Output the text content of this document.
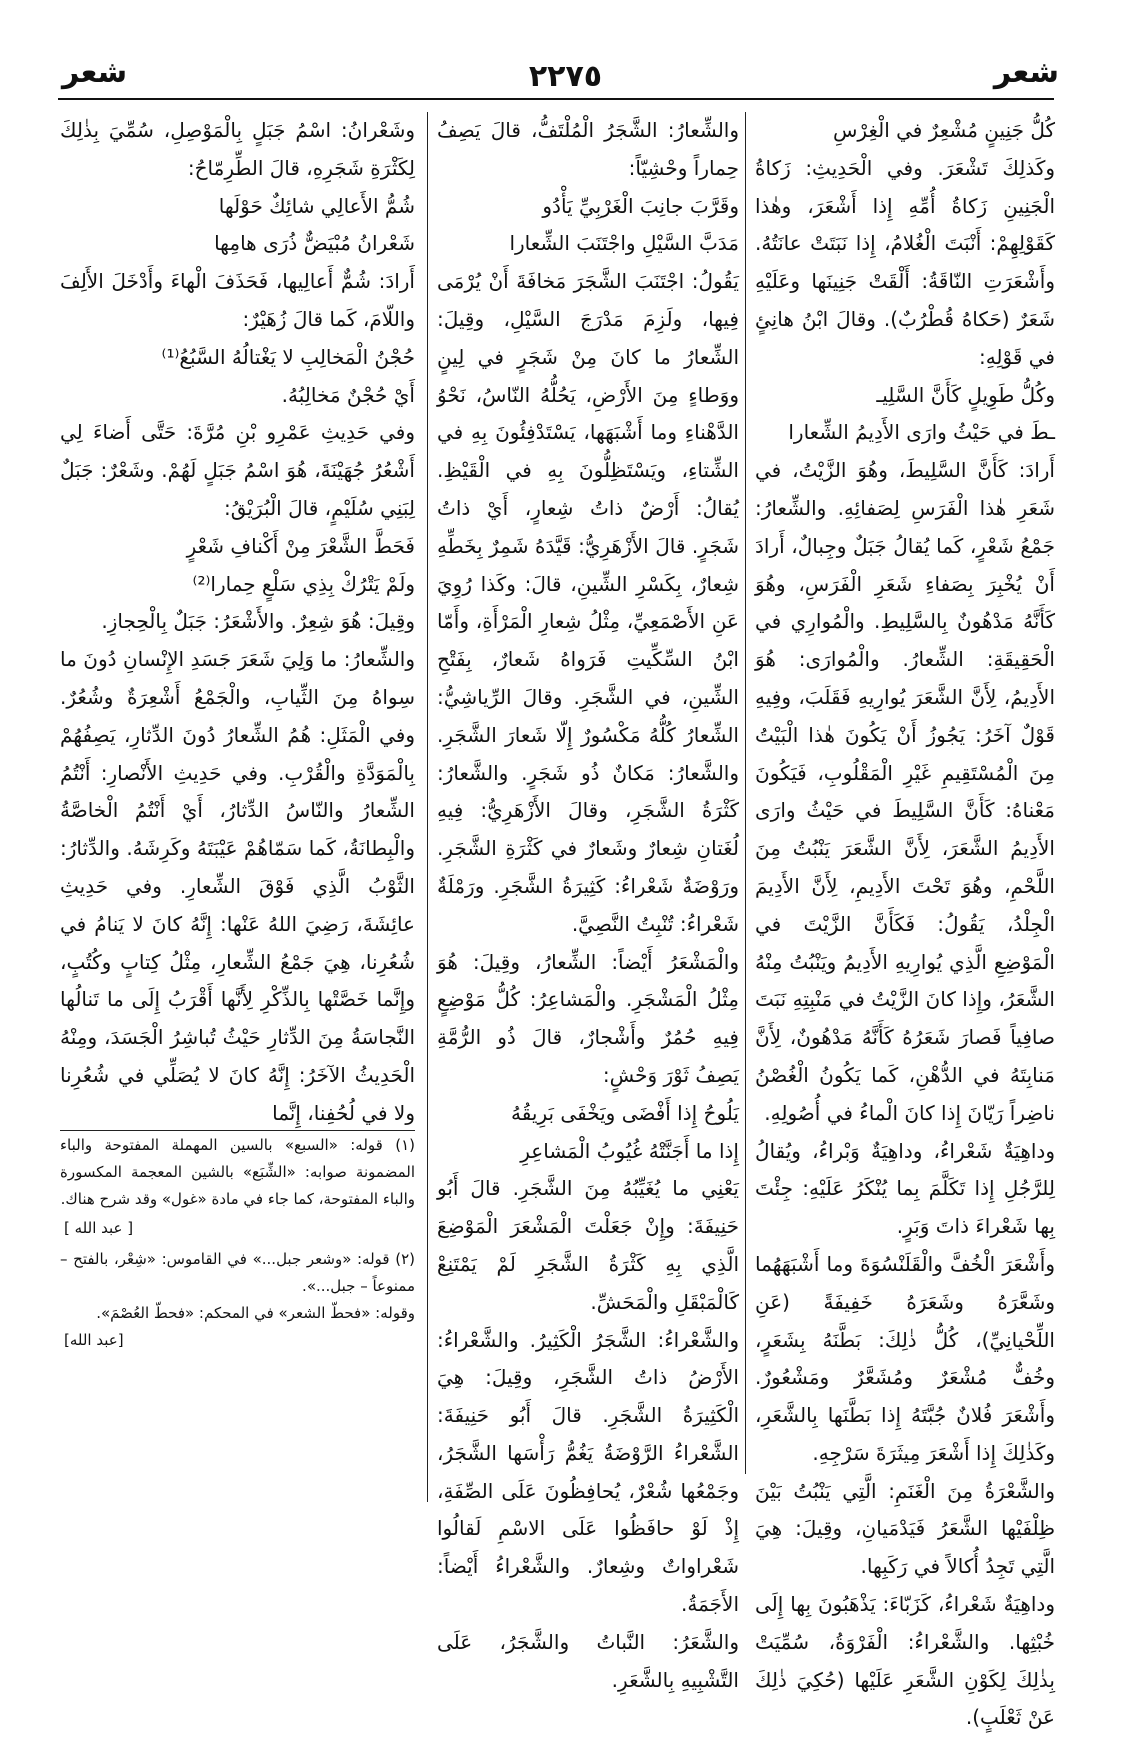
شعر
٢٢٧٥
شعر

كُلُّ جَنِينٍ مُشْعِرٌ في الْغِرْسِ

وكَذلِكَ تَشْعَرَ. وفي الْحَدِيثِ: زَكاةُ الْجَنِينِ زَكاةُ أُمِّهِ إِذا أَشْعَرَ، وهٰذا كَقَوْلِهِمْ: أَنْبَتَ الْغُلامُ، إِذا نَبَتَتْ عانَتُهُ. وأَشْعَرَتِ النّاقَةُ: أَلْقَتْ جَنِينَها وعَلَيْهِ شَعَرٌ (حَكاهُ قُطْرُبٌ). وقالَ ابْنُ هانِئٍ في قَوْلِهِ:

وكُلُّ طَوِيلٍ كَأَنَّ السَّلِيـ

ـطَ في حَيْثُ وارَى الأَدِيمُ الشِّعارا

أَرادَ: كَأَنَّ السَّلِيطَ، وهُوَ الزَّيْتُ، في شَعَرِ هٰذا الْفَرَسِ لِصَفائِهِ. والشِّعارُ: جَمْعُ شَعْرٍ، كَما يُقالُ جَبَلٌ وجِبالٌ، أَرادَ أَنْ يُخْبِرَ بِصَفاءِ شَعَرِ الْفَرَسِ، وهُوَ كَأَنَّهُ مَدْهُونٌ بِالسَّلِيطِ. والْمُوارِي في الْحَقِيقَةِ: الشِّعارُ. والْمُوارَى: هُوَ الأَدِيمُ، لِأَنَّ الشَّعَرَ يُوارِيهِ فَقَلَبَ، وفِيهِ قَوْلٌ آخَرُ: يَجُوزُ أَنْ يَكُونَ هٰذا الْبَيْتُ مِنَ الْمُسْتَقِيمِ غَيْرِ الْمَقْلُوبِ، فَيَكُونَ مَعْناهُ: كَأَنَّ السَّلِيطَ في حَيْثُ وارَى الأَدِيمُ الشَّعَرَ، لِأَنَّ الشَّعَرَ يَنْبُتُ مِنَ اللَّحْمِ، وهُوَ تَحْتَ الأَدِيمِ، لِأَنَّ الأَدِيمَ الْجِلْدُ، يَقُولُ: فَكَأَنَّ الزَّيْتَ في الْمَوْضِعِ الَّذِي يُوارِيهِ الأَدِيمُ ويَنْبُتُ مِنْهُ الشَّعَرُ، وإِذا كانَ الزَّيْتُ في مَنْبِتِهِ نَبَتَ صافِياً فَصارَ شَعَرُهُ كَأَنَّهُ مَدْهُونٌ، لِأَنَّ مَنابِتَهُ في الدُّهْنِ، كَما يَكُونُ الْغُصْنُ ناضِراً رَيّانَ إِذا كانَ الْماءُ في أُصُولِهِ.

وداهِيَةٌ شَعْراءُ، وداهِيَةٌ وَبْراءُ، ويُقالُ لِلرَّجُلِ إِذا تَكَلَّمَ بِما يُنْكَرُ عَلَيْهِ: جِئْتَ بِها شَعْراءَ ذاتَ وَبَرٍ.

وأَشْعَرَ الْخُفَّ والْقَلَنْسُوَةَ وما أَشْبَهَهُما وشَعَّرَهُ وشَعَرَهُ خَفِيفَةً (عَنِ اللِّحْيانِيِّ)، كُلُّ ذٰلِكَ: بَطَّنَهُ بِشَعَرٍ، وخُفٌّ مُشْعَرٌ ومُشَعَّرٌ ومَشْعُورٌ. وأَشْعَرَ فُلانٌ جُبَّتَهُ إِذا بَطَّنَها بِالشَّعَرِ، وكَذٰلِكَ إِذا أَشْعَرَ مِيثَرَةَ سَرْجِهِ.

والشَّعْرَةُ مِنَ الْغَنَمِ: الَّتِي يَنْبُتُ بَيْنَ ظِلْفَيْها الشَّعَرُ فَيَدْمَيانِ، وقِيلَ: هِيَ الَّتِي تَجِدُ أُكالاً في رَكَبِها.

وداهِيَةٌ شَعْراءُ، كَزَبّاءَ: يَذْهَبُونَ بِها إِلَى خُبْثِها. والشَّعْراءُ: الْفَرْوَةُ، سُمِّيَتْ بِذٰلِكَ لِكَوْنِ الشَّعَرِ عَلَيْها (حُكِيَ ذٰلِكَ عَنْ ثَعْلَبٍ).

والشِّعارُ: الشَّجَرُ الْمُلْتَفُّ، قالَ يَصِفُ حِماراً وحْشِيّاً:

وقَرَّبَ جانِبَ الْغَرْبِيِّ يَأْدُو

مَدَبَّ السَّيْلِ واجْتَنَبَ الشِّعارا

يَقُولُ: اجْتَنَبَ الشَّجَرَ مَخافَةَ أَنْ يُرْمَى فِيها، ولَزِمَ مَدْرَجَ السَّيْلِ، وقِيلَ: الشِّعارُ ما كانَ مِنْ شَجَرٍ في لِينٍ ووَطاءٍ مِنَ الأَرْضِ، يَحُلُّهُ النّاسُ، نَحْوُ الدَّهْناءِ وما أَشْبَهَها، يَسْتَدْفِئُونَ بِهِ في الشِّتاءِ، ويَسْتَظِلُّونَ بِهِ في الْقَيْظِ. يُقالُ: أَرْضٌ ذاتُ شِعارٍ، أَيْ ذاتُ شَجَرٍ. قالَ الأَزْهَرِيُّ: قَيَّدَهُ شَمِرٌ بِخَطِّهِ شِعارٌ، بِكَسْرِ الشِّينِ، قالَ: وكَذا رُوِيَ عَنِ الأَصْمَعِيِّ، مِثْلُ شِعارِ الْمَرْأَةِ، وأَمّا ابْنُ السِّكِّيتِ فَرَواهُ شَعارٌ، بِفَتْحِ الشِّينِ، في الشَّجَرِ. وقالَ الرِّياشِيُّ: الشِّعارُ كُلُّهُ مَكْسُورٌ إِلّا شَعارَ الشَّجَرِ. والشَّعارُ: مَكانٌ ذُو شَجَرٍ. والشَّعارُ: كَثْرَةُ الشَّجَرِ، وقالَ الأَزْهَرِيُّ: فِيهِ لُغَتانِ شِعارٌ وشَعارٌ في كَثْرَةِ الشَّجَرِ. ورَوْضَةٌ شَعْراءُ: كَثِيرَةُ الشَّجَرِ. ورَمْلَةٌ شَعْراءُ: تُنْبِتُ النَّصِيَّ.

والْمَشْعَرُ أَيْضاً: الشِّعارُ، وقِيلَ: هُوَ مِثْلُ الْمَشْجَرِ. والْمَشاعِرُ: كُلُّ مَوْضِعٍ فِيهِ حُمُرٌ وأَشْجارٌ، قالَ ذُو الرُّمَّةِ يَصِفُ ثَوْرَ وَحْشٍ:

يَلُوحُ إِذا أَفْضَى ويَخْفَى بَرِيقُهُ

إِذا ما أَجَنَّتْهُ غُيُوبُ الْمَشاعِرِ

يَعْنِي ما يُغَيِّبُهُ مِنَ الشَّجَرِ. قالَ أَبُو حَنِيفَةَ: وإِنْ جَعَلْتَ الْمَشْعَرَ الْمَوْضِعَ الَّذِي بِهِ كَثْرَةُ الشَّجَرِ لَمْ يَمْتَنِعْ كَالْمَبْقَلِ والْمَحَشِّ.

والشَّعْراءُ: الشَّجَرُ الْكَثِيرُ. والشَّعْراءُ: الأَرْضُ ذاتُ الشَّجَرِ، وقِيلَ: هِيَ الْكَثِيرَةُ الشَّجَرِ. قالَ أَبُو حَنِيفَةَ: الشَّعْراءُ الرَّوْضَةُ يَغُمُّ رَأْسَها الشَّجَرُ، وجَمْعُها شُعْرٌ، يُحافِظُونَ عَلَى الصِّفَةِ، إِذْ لَوْ حافَظُوا عَلَى الاسْمِ لَقالُوا شَعْراواتٌ وشِعارٌ. والشَّعْراءُ أَيْضاً: الأَجَمَةُ.

والشَّعَرُ: النَّباتُ والشَّجَرُ، عَلَى التَّشْبِيهِ بِالشَّعَرِ.

وشَعْرانُ: اسْمُ جَبَلٍ بِالْمَوْصِلِ، سُمِّيَ بِذٰلِكَ لِكَثْرَةِ شَجَرِهِ، قالَ الطِّرِمّاحُ:

شُمُّ الأَعالِي شائِكٌ حَوْلَها

شَعْرانُ مُبْيَضٌّ ذُرَى هامِها

أَرادَ: شُمٌّ أَعالِيها، فَحَذَفَ الْهاءَ وأَدْخَلَ الأَلِفَ واللّامَ، كَما قالَ زُهَيْرٌ:

حُجْنُ الْمَخالِبِ لا يَغْتالُهُ السَّبُعُ⁽¹⁾

أَيْ حُجْنٌ مَخالِبُهُ.

وفي حَدِيثِ عَمْرِو بْنِ مُرَّةَ: حَتَّى أَضاءَ لِي أَشْعُرُ جُهَيْنَةَ، هُوَ اسْمُ جَبَلٍ لَهُمْ. وشَعْرٌ: جَبَلٌ لِبَنِي سُلَيْمٍ، قالَ الْبُرَيْقُ:

فَحَطَّ الشَّعْرَ مِنْ أَكْنافِ شَعْرٍ

ولَمْ يَتْرُكْ بِذِي سَلْعٍ حِمارا⁽²⁾

وقِيلَ: هُوَ شِعِرٌ. والأَشْعَرُ: جَبَلٌ بِالْحِجازِ.

والشِّعارُ: ما وَلِيَ شَعَرَ جَسَدِ الإِنْسانِ دُونَ ما سِواهُ مِنَ الثِّيابِ، والْجَمْعُ أَشْعِرَةٌ وشُعُرٌ. وفي الْمَثَلِ: هُمُ الشِّعارُ دُونَ الدِّثارِ، يَصِفُهُمْ بِالْمَوَدَّةِ والْقُرْبِ. وفي حَدِيثِ الأَنْصارِ: أَنْتُمُ الشِّعارُ والنّاسُ الدِّثارُ، أَيْ أَنْتُمُ الْخاصَّةُ والْبِطانَةُ، كَما سَمّاهُمْ عَيْبَتَهُ وكَرِشَهُ. والدِّثارُ: الثَّوْبُ الَّذِي فَوْقَ الشِّعارِ. وفي حَدِيثِ عائِشَةَ، رَضِيَ اللهُ عَنْها: إِنَّهُ كانَ لا يَنامُ في شُعُرِنا، هِيَ جَمْعُ الشِّعارِ، مِثْلُ كِتابٍ وكُتُبٍ، وإِنَّما خَصَّتْها بِالذِّكْرِ لِأَنَّها أَقْرَبُ إِلَى ما تَنالُها النَّجاسَةُ مِنَ الدِّثارِ حَيْثُ تُباشِرُ الْجَسَدَ، ومِنْهُ الْحَدِيثُ الآخَرُ: إِنَّهُ كانَ لا يُصَلِّي في شُعُرِنا ولا في لُحُفِنا، إِنَّما

(١) قوله: «السبع» بالسين المهملة المفتوحة والباء المضمونة صوابه: «الشِّبَع» بالشين المعجمة المكسورة والباء المفتوحة، كما جاء في مادة «غول» وقد شرح هناك.

[ عبد الله ]

(٢) قوله: «وشعر جبل...» في القاموس: «شِعْر، بالفتح – ممنوعاً – جبل...».

وقوله: «فحطّ الشعر» في المحكم: «فحطّ العُصْمَ».

[عبد الله]
